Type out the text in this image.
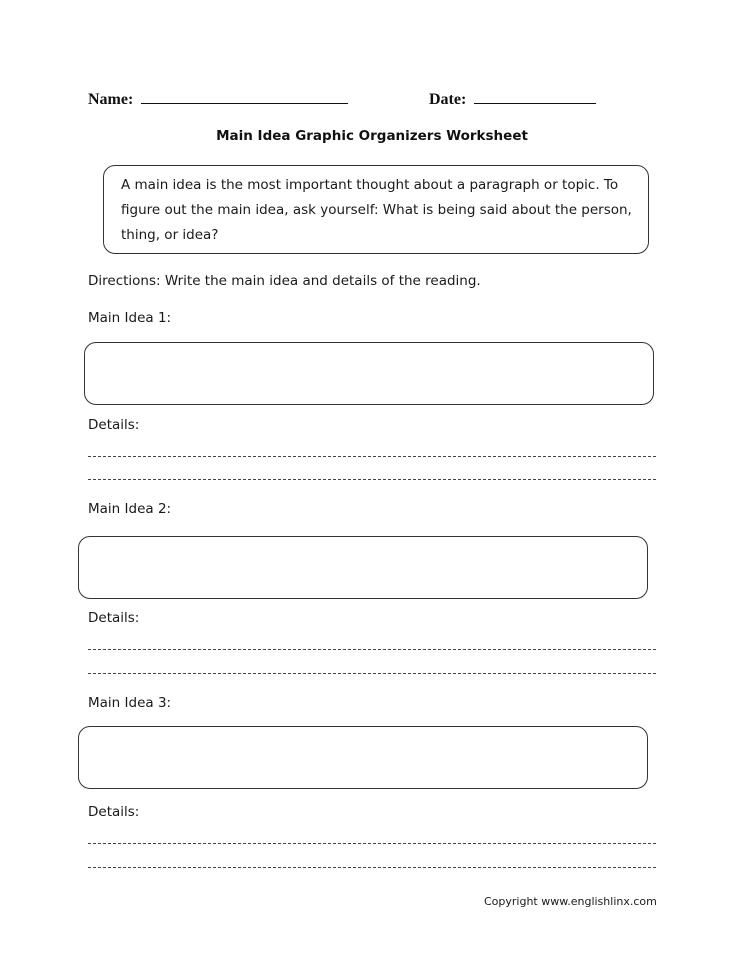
Name:	Date:
Main Idea Graphic Organizers Worksheet
A main idea is the most important thought about a paragraph or topic. To
figure out the main idea, ask yourself: What is being said about the person,
thing, or idea?
Directions: Write the main idea and details of the reading.
Main Idea 1:
Details:
Main Idea 2:
Details:
Main Idea 3:
Details:
Copyright www.englishlinx.com
